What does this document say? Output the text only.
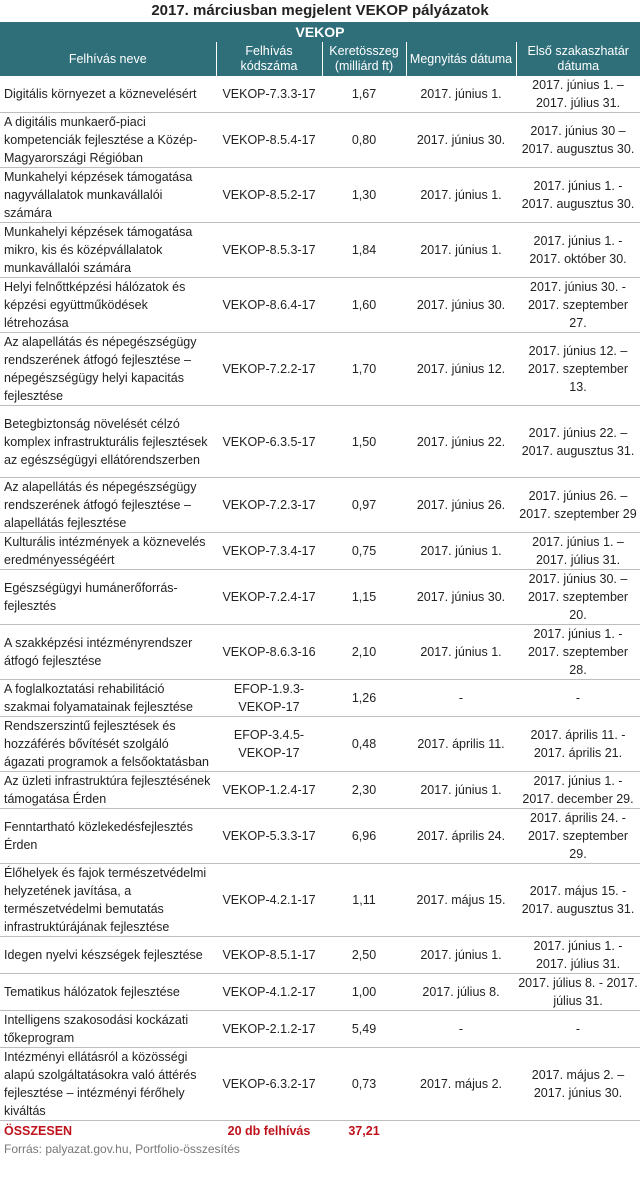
2017. márciusban megjelent VEKOP pályázatok
VEKOP				
Felhívás neve	Felhívás kódszáma	Keretösszeg (milliárd ft)	Megnyitás dátuma	Első szakaszhatár dátuma
Digitális környezet a köznevelésért	VEKOP-7.3.3-17	1,67	2017. június 1.	2017. június 1. – 2017. július 31.
A digitális munkaerő-piaci kompetenciák fejlesztése a Közép-Magyarországi Régióban	VEKOP-8.5.4-17	0,80	2017. június 30.	2017. június 30 – 2017. augusztus 30.
Munkahelyi képzések támogatása nagyvállalatok munkavállalói számára	VEKOP-8.5.2-17	1,30	2017. június 1.	2017. június 1. - 2017. augusztus 30.
Munkahelyi képzések támogatása mikro, kis és középvállalatok munkavállalói számára	VEKOP-8.5.3-17	1,84	2017. június 1.	2017. június 1. - 2017. október 30.
Helyi felnőttképzési hálózatok és képzési együttműködések létrehozása	VEKOP-8.6.4-17	1,60	2017. június 30.	2017. június 30. - 2017. szeptember 27.
Az alapellátás és népegészségügy rendszerének átfogó fejlesztése – népegészségügy helyi kapacitás fejlesztése	VEKOP-7.2.2-17	1,70	2017. június 12.	2017. június 12. – 2017. szeptember 13.
Betegbiztonság növelését célzó komplex infrastrukturális fejlesztések az egészségügyi ellátórendszerben	VEKOP-6.3.5-17	1,50	2017. június 22.	2017. június 22. – 2017. augusztus 31.
Az alapellátás és népegészségügy rendszerének átfogó fejlesztése – alapellátás fejlesztése	VEKOP-7.2.3-17	0,97	2017. június 26.	2017. június 26. – 2017. szeptember 29
Kulturális intézmények a köznevelés eredményességéért	VEKOP-7.3.4-17	0,75	2017. június 1.	2017. június 1. – 2017. július 31.
Egészségügyi humánerőforrás-fejlesztés	VEKOP-7.2.4-17	1,15	2017. június 30.	2017. június 30. – 2017. szeptember 20.
A szakképzési intézményrendszer átfogó fejlesztése	VEKOP-8.6.3-16	2,10	2017. június 1.	2017. június 1. - 2017. szeptember 28.
A foglalkoztatási rehabilitáció szakmai folyamatainak fejlesztése	EFOP-1.9.3-VEKOP-17	1,26	-	-
Rendszerszintű fejlesztések és hozzáférés bővítését szolgáló ágazati programok a felsőoktatásban	EFOP-3.4.5-VEKOP-17	0,48	2017. április 11.	2017. április 11. - 2017. április 21.
Az üzleti infrastruktúra fejlesztésének támogatása Érden	VEKOP-1.2.4-17	2,30	2017. június 1.	2017. június 1. - 2017. december 29.
Fenntartható közlekedésfejlesztés Érden	VEKOP-5.3.3-17	6,96	2017. április 24.	2017. április 24. - 2017. szeptember 29.
Élőhelyek és fajok természetvédelmi helyzetének javítása, a természetvédelmi bemutatás infrastruktúrájának fejlesztése	VEKOP-4.2.1-17	1,11	2017. május 15.	2017. május 15. - 2017. augusztus 31.
Idegen nyelvi készségek fejlesztése	VEKOP-8.5.1-17	2,50	2017. június 1.	2017. június 1. - 2017. július 31.
Tematikus hálózatok fejlesztése	VEKOP-4.1.2-17	1,00	2017. július 8.	2017. július 8. - 2017. július 31.
Intelligens szakosodási kockázati tőkeprogram	VEKOP-2.1.2-17	5,49	-	-
Intézményi ellátásról a közösségi alapú szolgáltatásokra való áttérés fejlesztése – intézményi férőhely kiváltás	VEKOP-6.3.2-17	0,73	2017. május 2.	2017. május 2. – 2017. június 30.
ÖSSZESEN	20 db felhívás	37,21		
Forrás: palyazat.gov.hu, Portfolio-összesítés
